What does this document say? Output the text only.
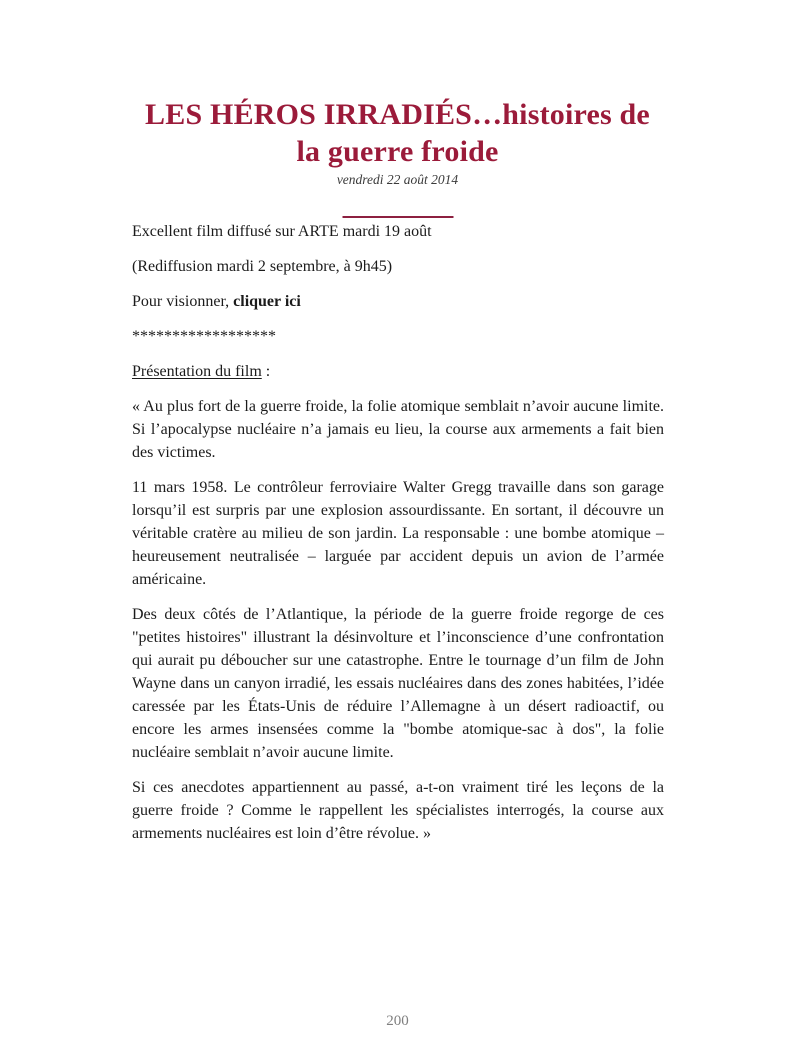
LES HÉROS IRRADIÉS…histoires de
la guerre froide
vendredi 22 août 2014

Excellent film diffusé sur ARTE mardi 19 août

(Rediffusion mardi 2 septembre, à 9h45)

Pour visionner, cliquer ici

******************

Présentation du film :

« Au plus fort de la guerre froide, la folie atomique semblait n’avoir aucune limite. Si l’apocalypse nucléaire n’a jamais eu lieu, la course aux armements a fait bien des victimes.

11 mars 1958. Le contrôleur ferroviaire Walter Gregg travaille dans son garage lorsqu’il est surpris par une explosion assourdissante. En sortant, il découvre un véritable cratère au milieu de son jardin. La responsable : une bombe atomique – heureusement neutralisée – larguée par accident depuis un avion de l’armée américaine.

Des deux côtés de l’Atlantique, la période de la guerre froide regorge de ces "petites histoires" illustrant la désinvolture et l’inconscience d’une confrontation qui aurait pu déboucher sur une catastrophe. Entre le tournage d’un film de John Wayne dans un canyon irradié, les essais nucléaires dans des zones habitées, l’idée caressée par les États-Unis de réduire l’Allemagne à un désert radioactif, ou encore les armes insensées comme la "bombe atomique-sac à dos", la folie nucléaire semblait n’avoir aucune limite.

Si ces anecdotes appartiennent au passé, a-t-on vraiment tiré les leçons de la guerre froide ? Comme le rappellent les spécialistes interrogés, la course aux armements nucléaires est loin d’être révolue. »

200
